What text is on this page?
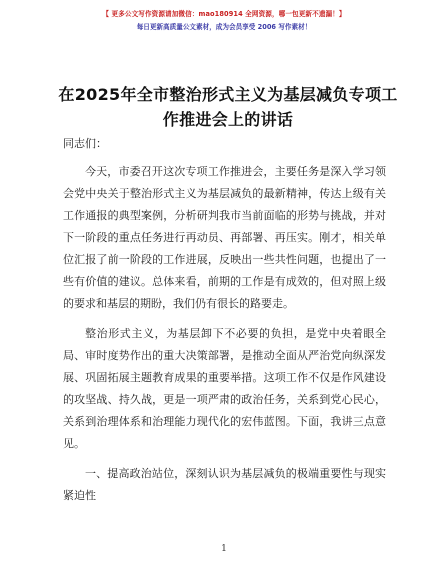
【 更多公文写作资源请加微信：mao180914 全网资源，哪一包更新不遗漏！】
每日更新高质量公文素材，成为会员享受 2006 写作素材！
在2025年全市整治形式主义为基层减负专项工作推进会上的讲话

同志们：

今天，市委召开这次专项工作推进会，主要任务是深入学习领会党中央关于整治形式主义为基层减负的最新精神，传达上级有关工作通报的典型案例，分析研判我市当前面临的形势与挑战，并对下一阶段的重点任务进行再动员、再部署、再压实。刚才，相关单位汇报了前一阶段的工作进展，反映出一些共性问题，也提出了一些有价值的建议。总体来看，前期的工作是有成效的，但对照上级的要求和基层的期盼，我们仍有很长的路要走。

整治形式主义，为基层卸下不必要的负担，是党中央着眼全局、审时度势作出的重大决策部署，是推动全面从严治党向纵深发展、巩固拓展主题教育成果的重要举措。这项工作不仅是作风建设的攻坚战、持久战，更是一项严肃的政治任务，关系到党心民心，关系到治理体系和治理能力现代化的宏伟蓝图。下面，我讲三点意见。

一、提高政治站位，深刻认识为基层减负的极端重要性与现实紧迫性

1
